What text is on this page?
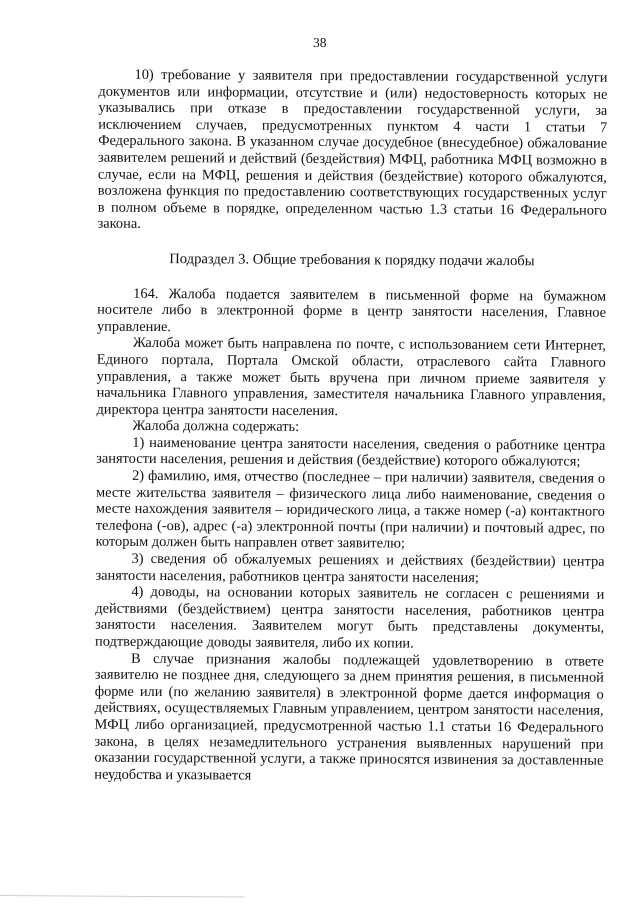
38

10) требование у заявителя при предоставлении государственной услуги документов или информации, отсутствие и (или) недостоверность которых не указывались при отказе в предоставлении государственной услуги, за исключением случаев, предусмотренных пунктом 4 части 1 статьи 7 Федерального закона. В указанном случае досудебное (внесудебное) обжалование заявителем решений и действий (бездействия) МФЦ, работника МФЦ возможно в случае, если на МФЦ, решения и действия (бездействие) которого обжалуются, возложена функция по предоставлению соответствующих государственных услуг в полном объеме в порядке, определенном частью 1.3 статьи 16 Федерального закона.

Подраздел 3. Общие требования к порядку подачи жалобы

164. Жалоба подается заявителем в письменной форме на бумажном носителе либо в электронной форме в центр занятости населения, Главное управление.

Жалоба может быть направлена по почте, с использованием сети Интернет, Единого портала, Портала Омской области, отраслевого сайта Главного управления, а также может быть вручена при личном приеме заявителя у начальника Главного управления, заместителя начальника Главного управления, директора центра занятости населения.

Жалоба должна содержать:

1) наименование центра занятости населения, сведения о работнике центра занятости населения, решения и действия (бездействие) которого обжалуются;

2) фамилию, имя, отчество (последнее – при наличии) заявителя, сведения о месте жительства заявителя – физического лица либо наименование, сведения о месте нахождения заявителя – юридического лица, а также номер (-а) контактного телефона (-ов), адрес (-а) электронной почты (при наличии) и почтовый адрес, по которым должен быть направлен ответ заявителю;

3) сведения об обжалуемых решениях и действиях (бездействии) центра занятости населения, работников центра занятости населения;

4) доводы, на основании которых заявитель не согласен с решениями и действиями (бездействием) центра занятости населения, работников центра занятости населения. Заявителем могут быть представлены документы, подтверждающие доводы заявителя, либо их копии.

В случае признания жалобы подлежащей удовлетворению в ответе заявителю не позднее дня, следующего за днем принятия решения, в письменной форме или (по желанию заявителя) в электронной форме дается информация о действиях, осуществляемых Главным управлением, центром занятости населения, МФЦ либо организацией, предусмотренной частью 1.1 статьи 16 Федерального закона, в целях незамедлительного устранения выявленных нарушений при оказании государственной услуги, а также приносятся извинения за доставленные неудобства и указывается
